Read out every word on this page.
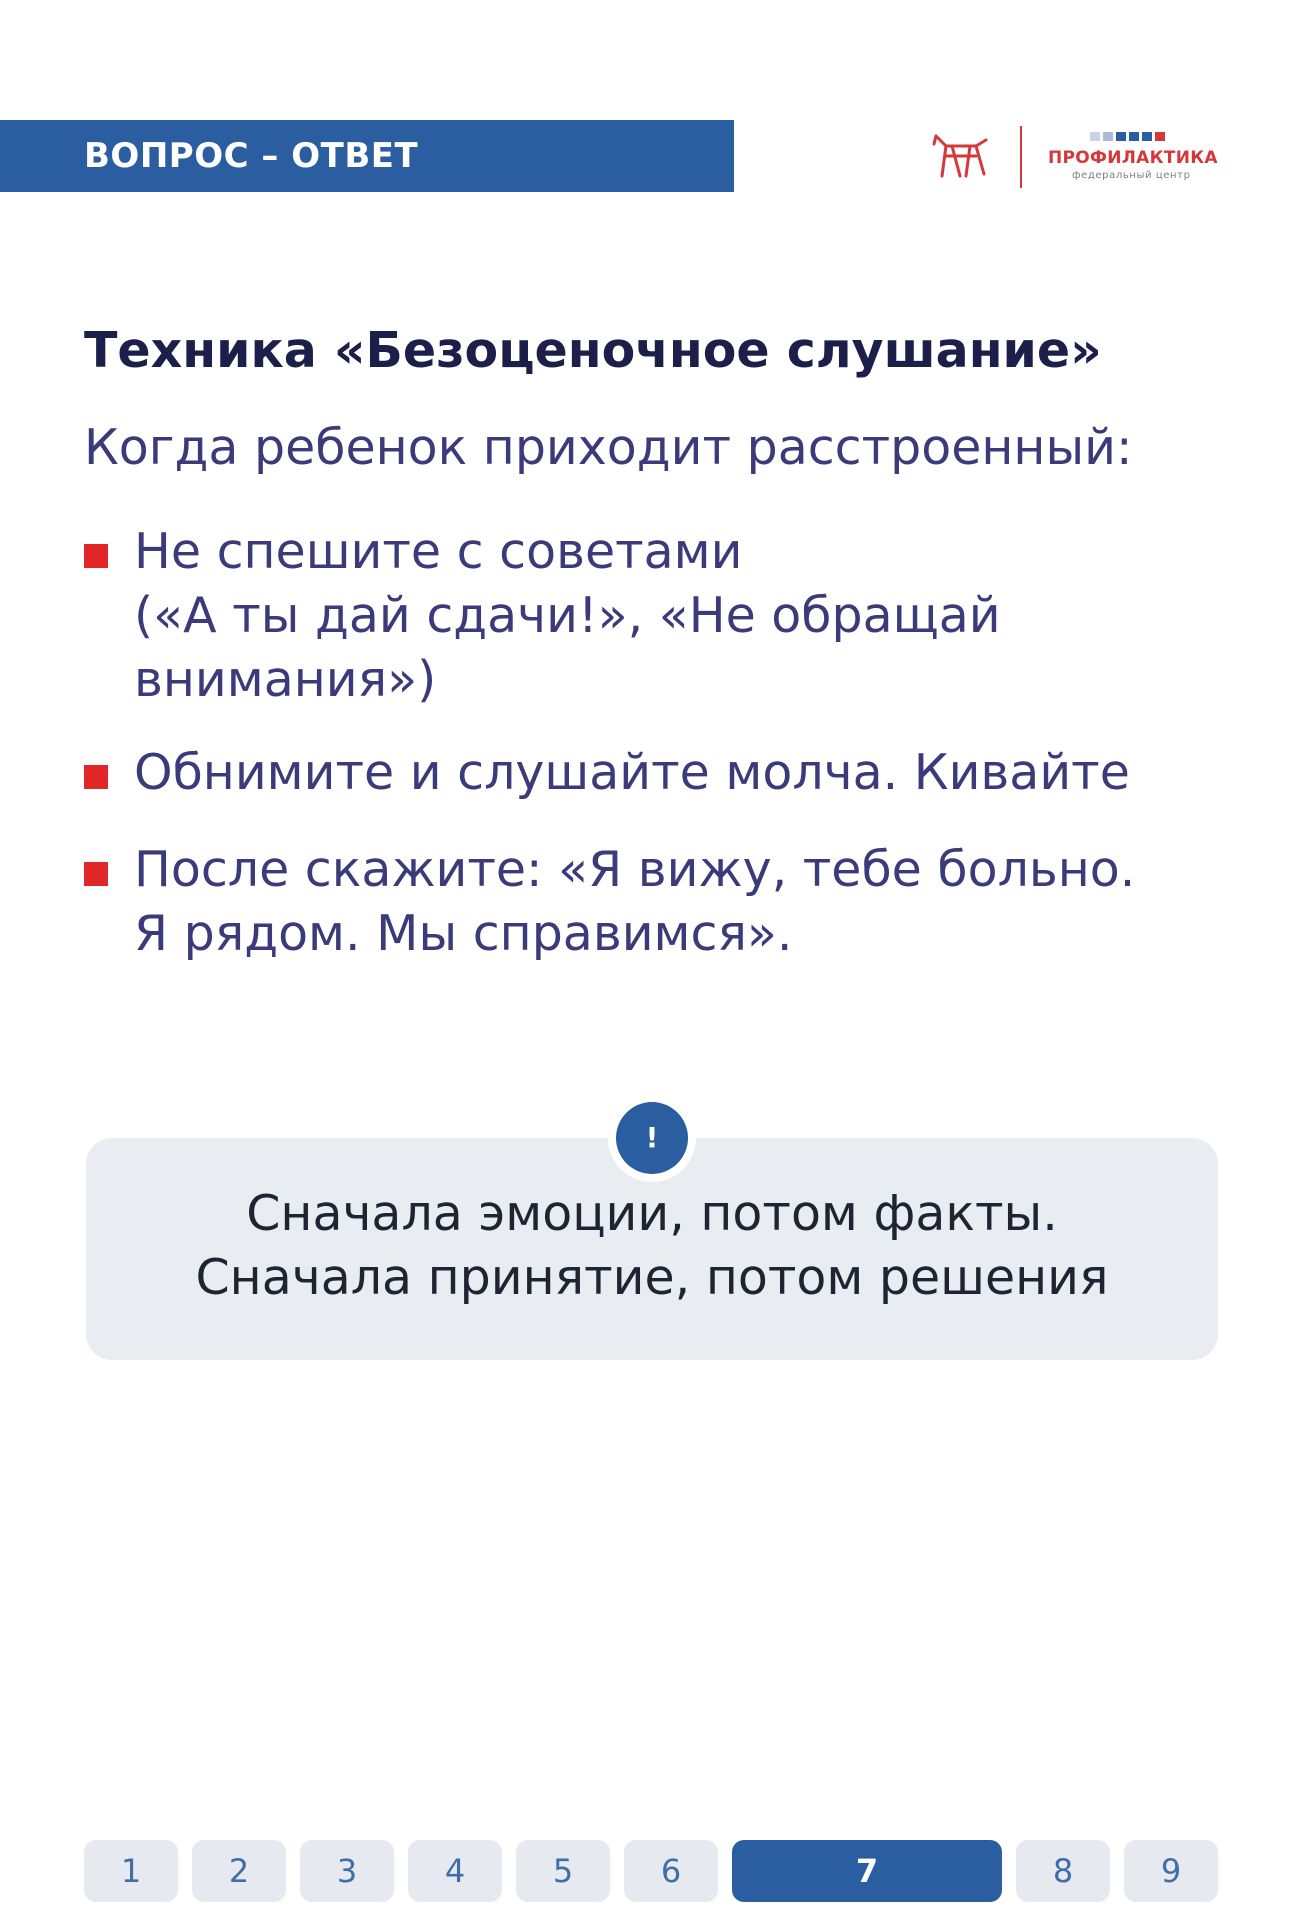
ВОПРОС – ОТВЕТ	ПРОФИЛАКТИКА
федеральный центр
Техника «Безоценочное слушание»
Когда ребенок приходит расстроенный:
Не спешите с советами
(«А ты дай сдачи!», «Не обращай
внимания»)
Обнимите и слушайте молча. Кивайте
После скажите: «Я вижу, тебе больно.
Я рядом. Мы справимся».
!
Сначала эмоции, потом факты.
Сначала принятие, потом решения
1	2	3	4	5	6	7	8	9
